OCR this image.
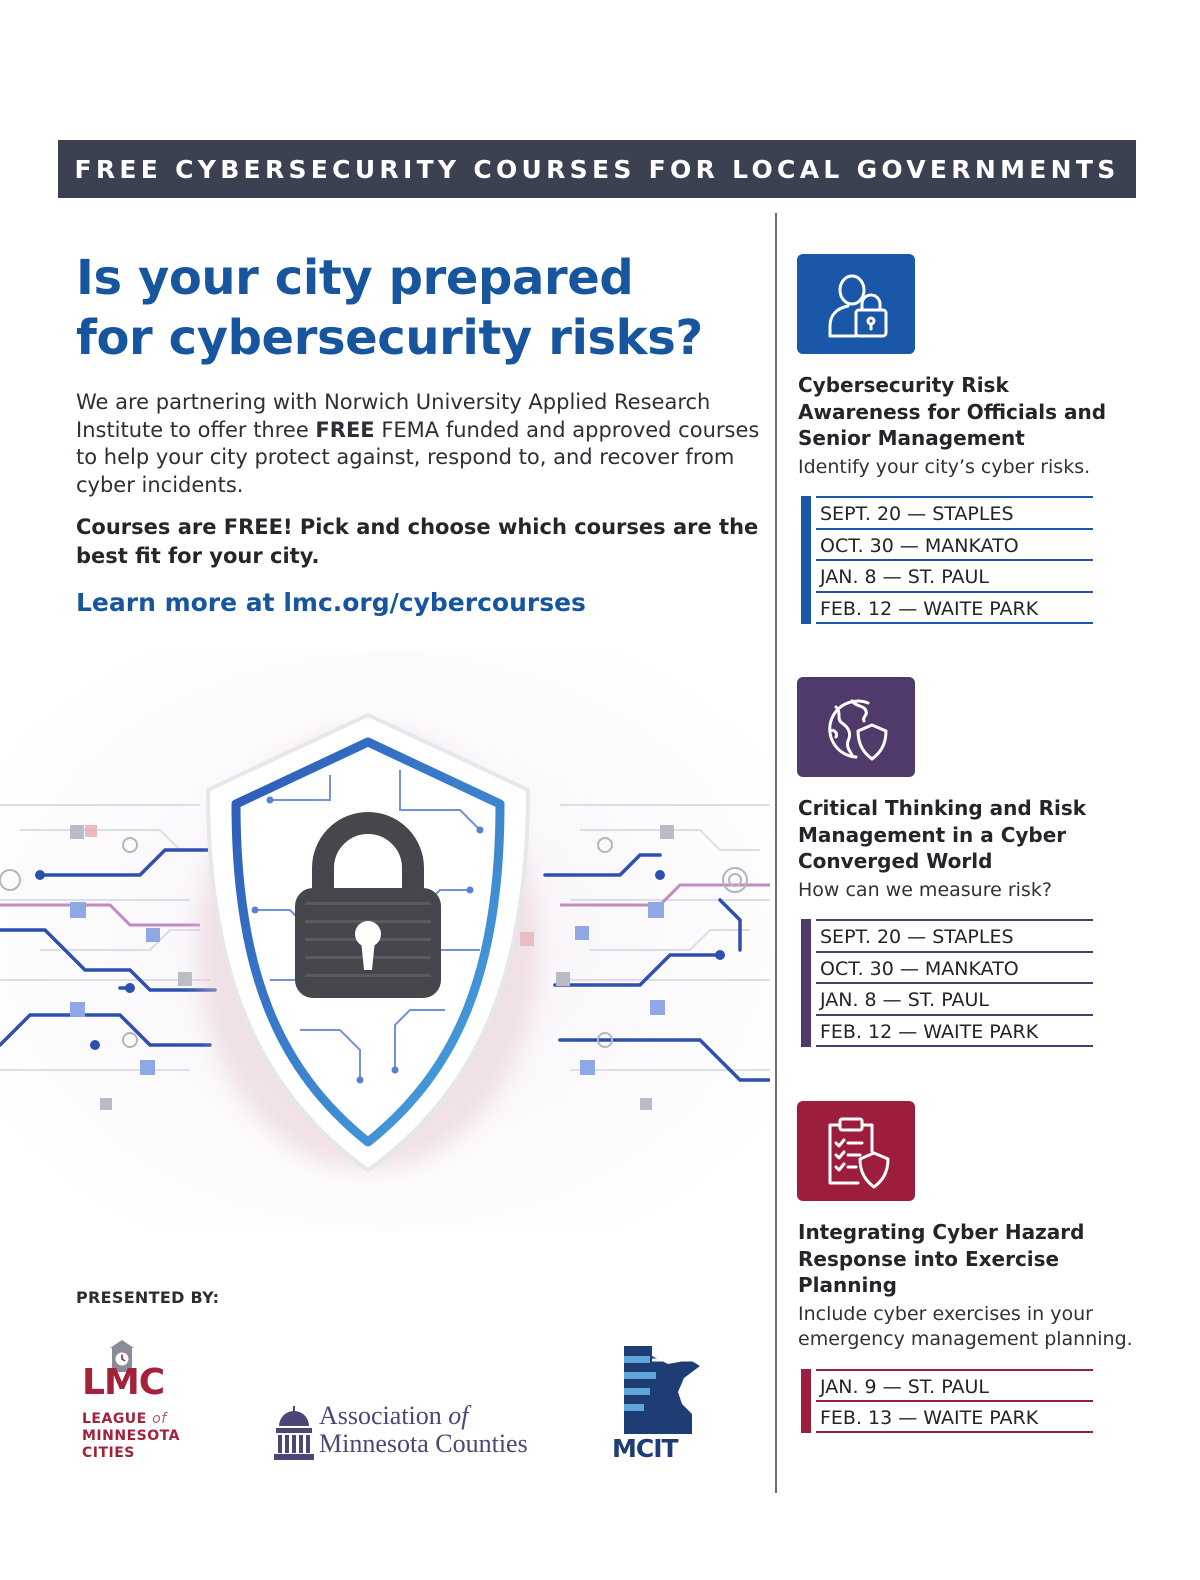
FREE CYBERSECURITY COURSES FOR LOCAL GOVERNMENTS
Is your city prepared
for cybersecurity risks?

We are partnering with Norwich University Applied Research Institute to offer three FREE FEMA funded and approved courses to help your city protect against, respond to, and recover from cyber incidents.

Courses are FREE! Pick and choose which courses are the best fit for your city.

Learn more at lmc.org/cybercourses

PRESENTED BY:

LMC

LEAGUE of
MINNESOTA
CITIES

Association of
Minnesota Counties	MCIT

Cybersecurity Risk Awareness for Officials and Senior Management

Identify your city’s cyber risks.

SEPT. 20 — STAPLES
OCT. 30 — MANKATO
JAN. 8 — ST. PAUL
FEB. 12 — WAITE PARK

Critical Thinking and Risk Management in a Cyber Converged World

How can we measure risk?

SEPT. 20 — STAPLES
OCT. 30 — MANKATO
JAN. 8 — ST. PAUL
FEB. 12 — WAITE PARK

Integrating Cyber Hazard Response into Exercise Planning

Include cyber exercises in your emergency management planning.

JAN. 9 — ST. PAUL
FEB. 13 — WAITE PARK
